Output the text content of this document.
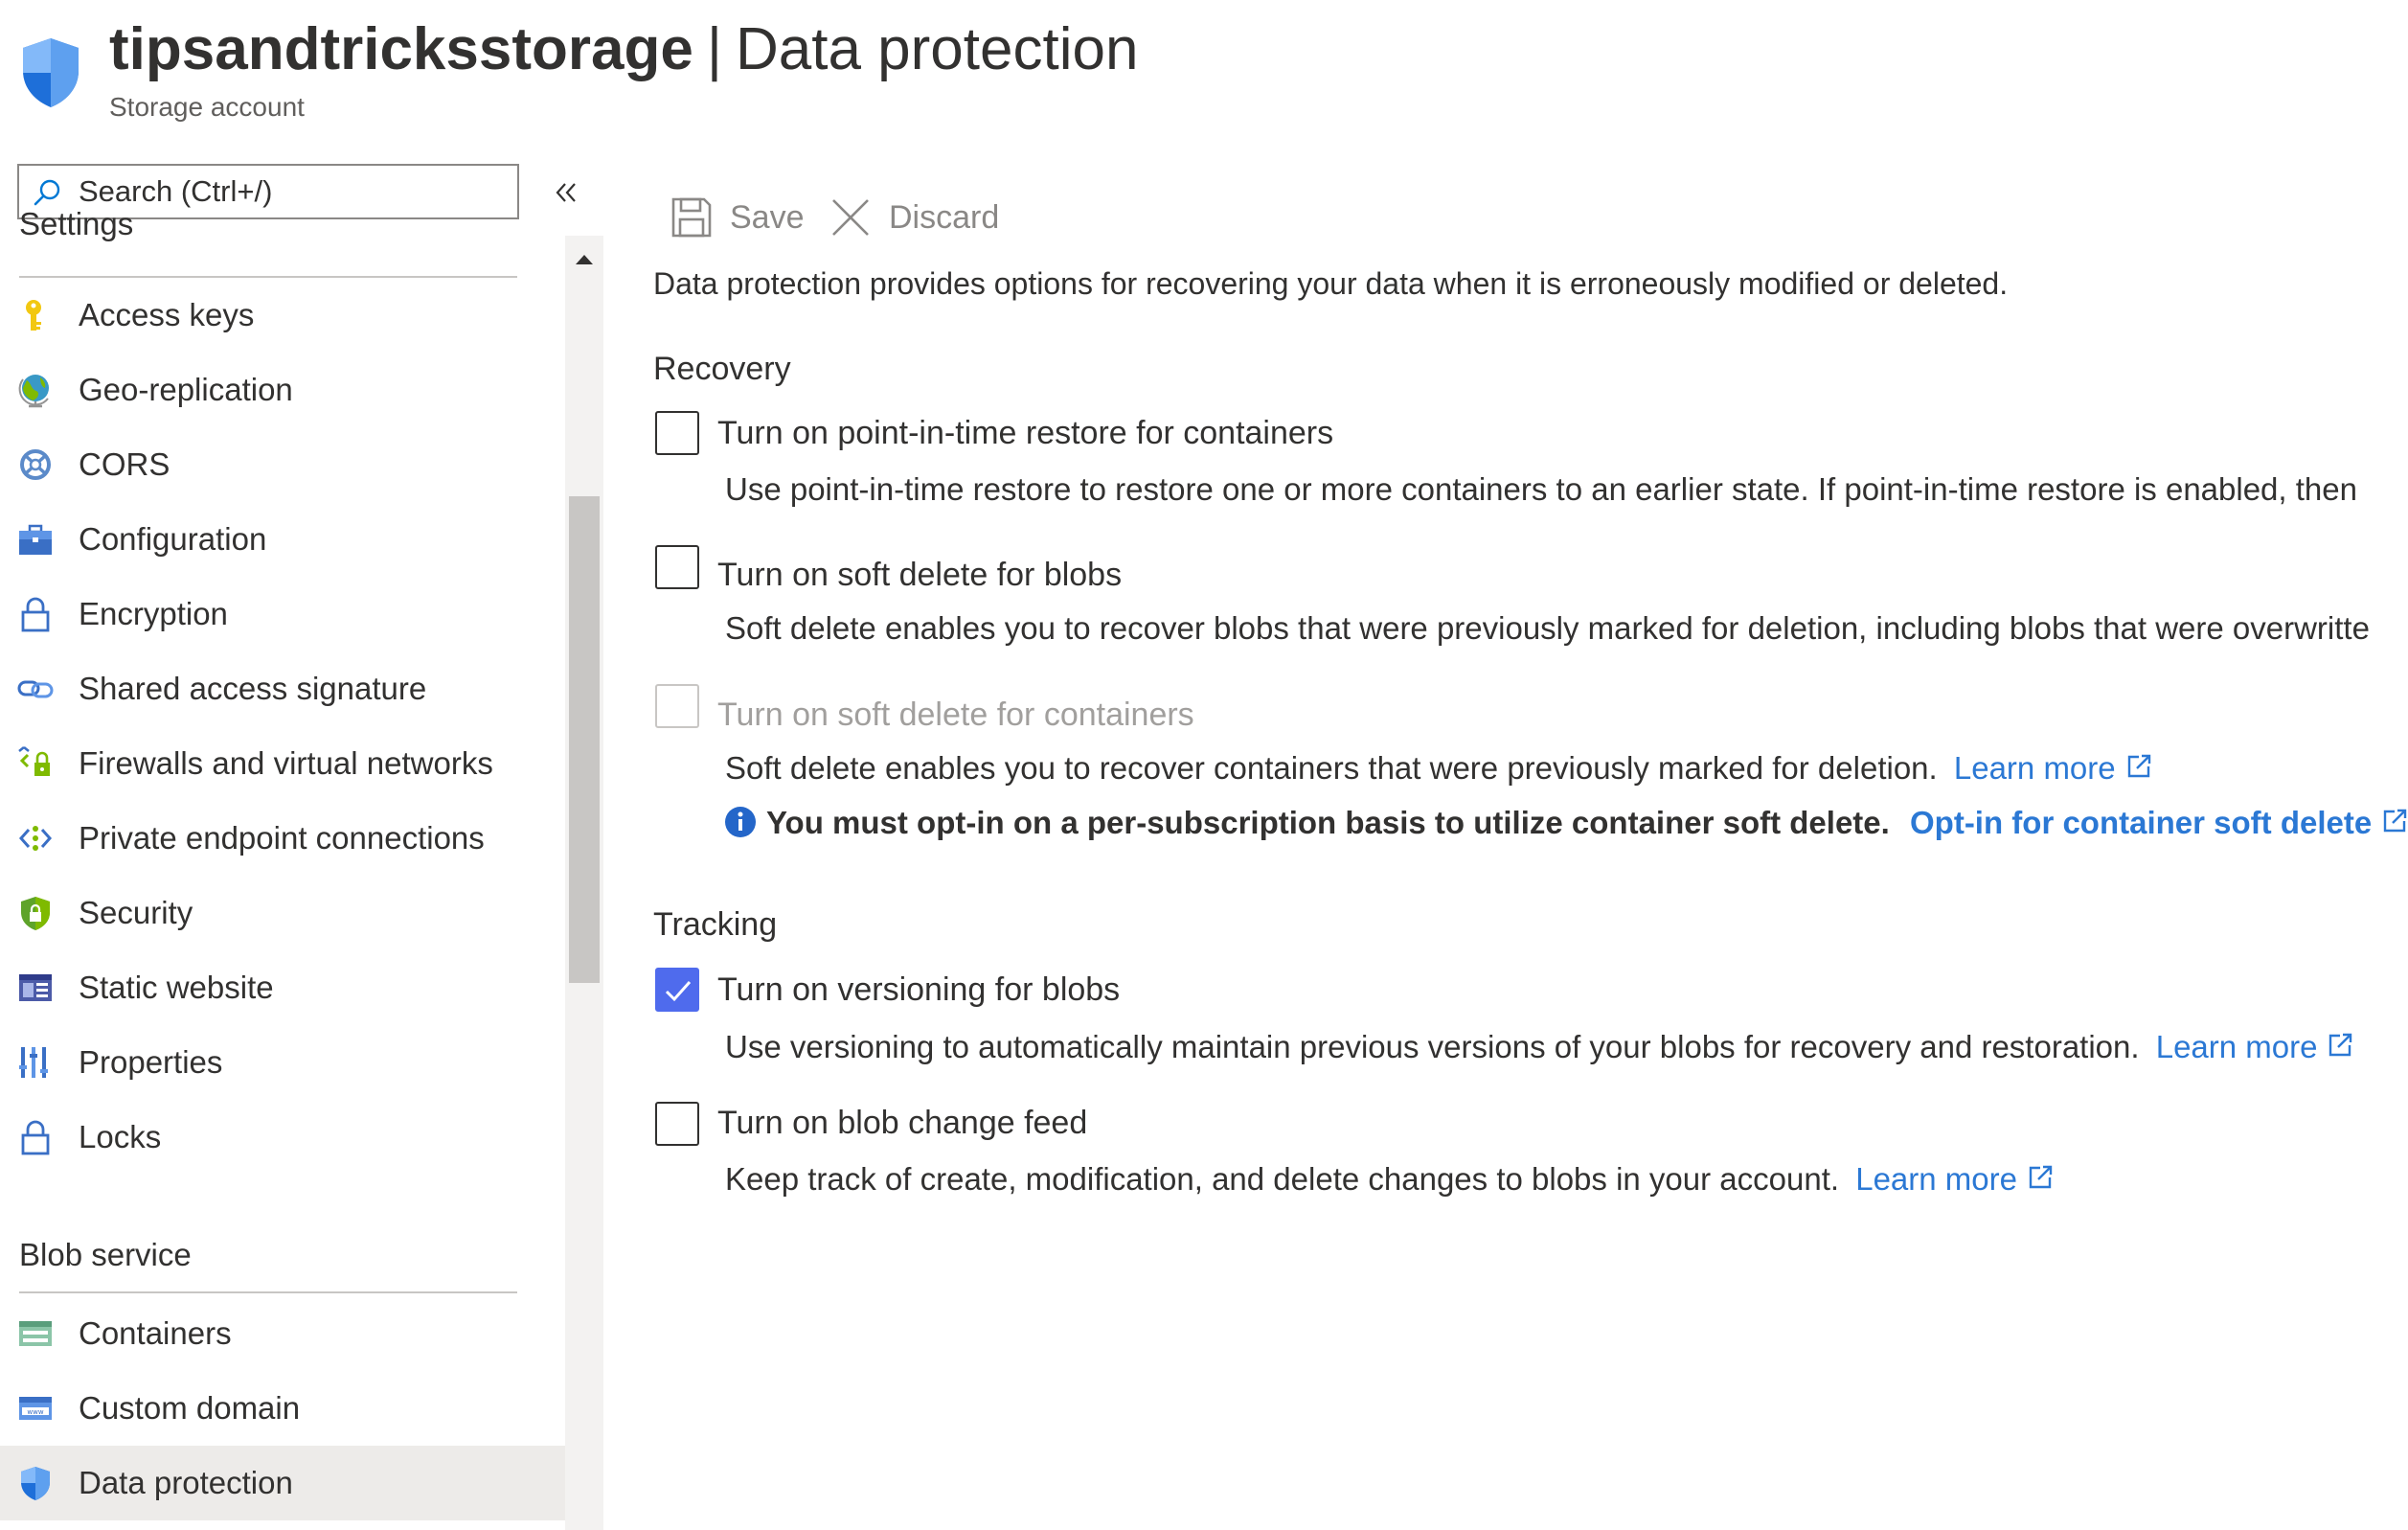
tipsandtricksstorage | Data protection
Storage account
Search (Ctrl+/)
Settings
Access keys
Geo-replication
CORS
Configuration
Encryption
Shared access signature
Firewalls and virtual networks
Private endpoint connections
Security
Static website
Properties
Locks
Blob service
Containers
www Custom domain
Data protection
Save	Discard
Data protection provides options for recovering your data when it is erroneously modified or deleted.
Recovery
Turn on point-in-time restore for containers
Use point-in-time restore to restore one or more containers to an earlier state. If point-in-time restore is enabled, then
Turn on soft delete for blobs
Soft delete enables you to recover blobs that were previously marked for deletion, including blobs that were overwritte
Turn on soft delete for containers
Soft delete enables you to recover containers that were previously marked for deletion. Learn more
You must opt-in on a per-subscription basis to utilize container soft delete. Opt-in for container soft delete
Tracking
Turn on versioning for blobs
Use versioning to automatically maintain previous versions of your blobs for recovery and restoration. Learn more
Turn on blob change feed
Keep track of create, modification, and delete changes to blobs in your account. Learn more
